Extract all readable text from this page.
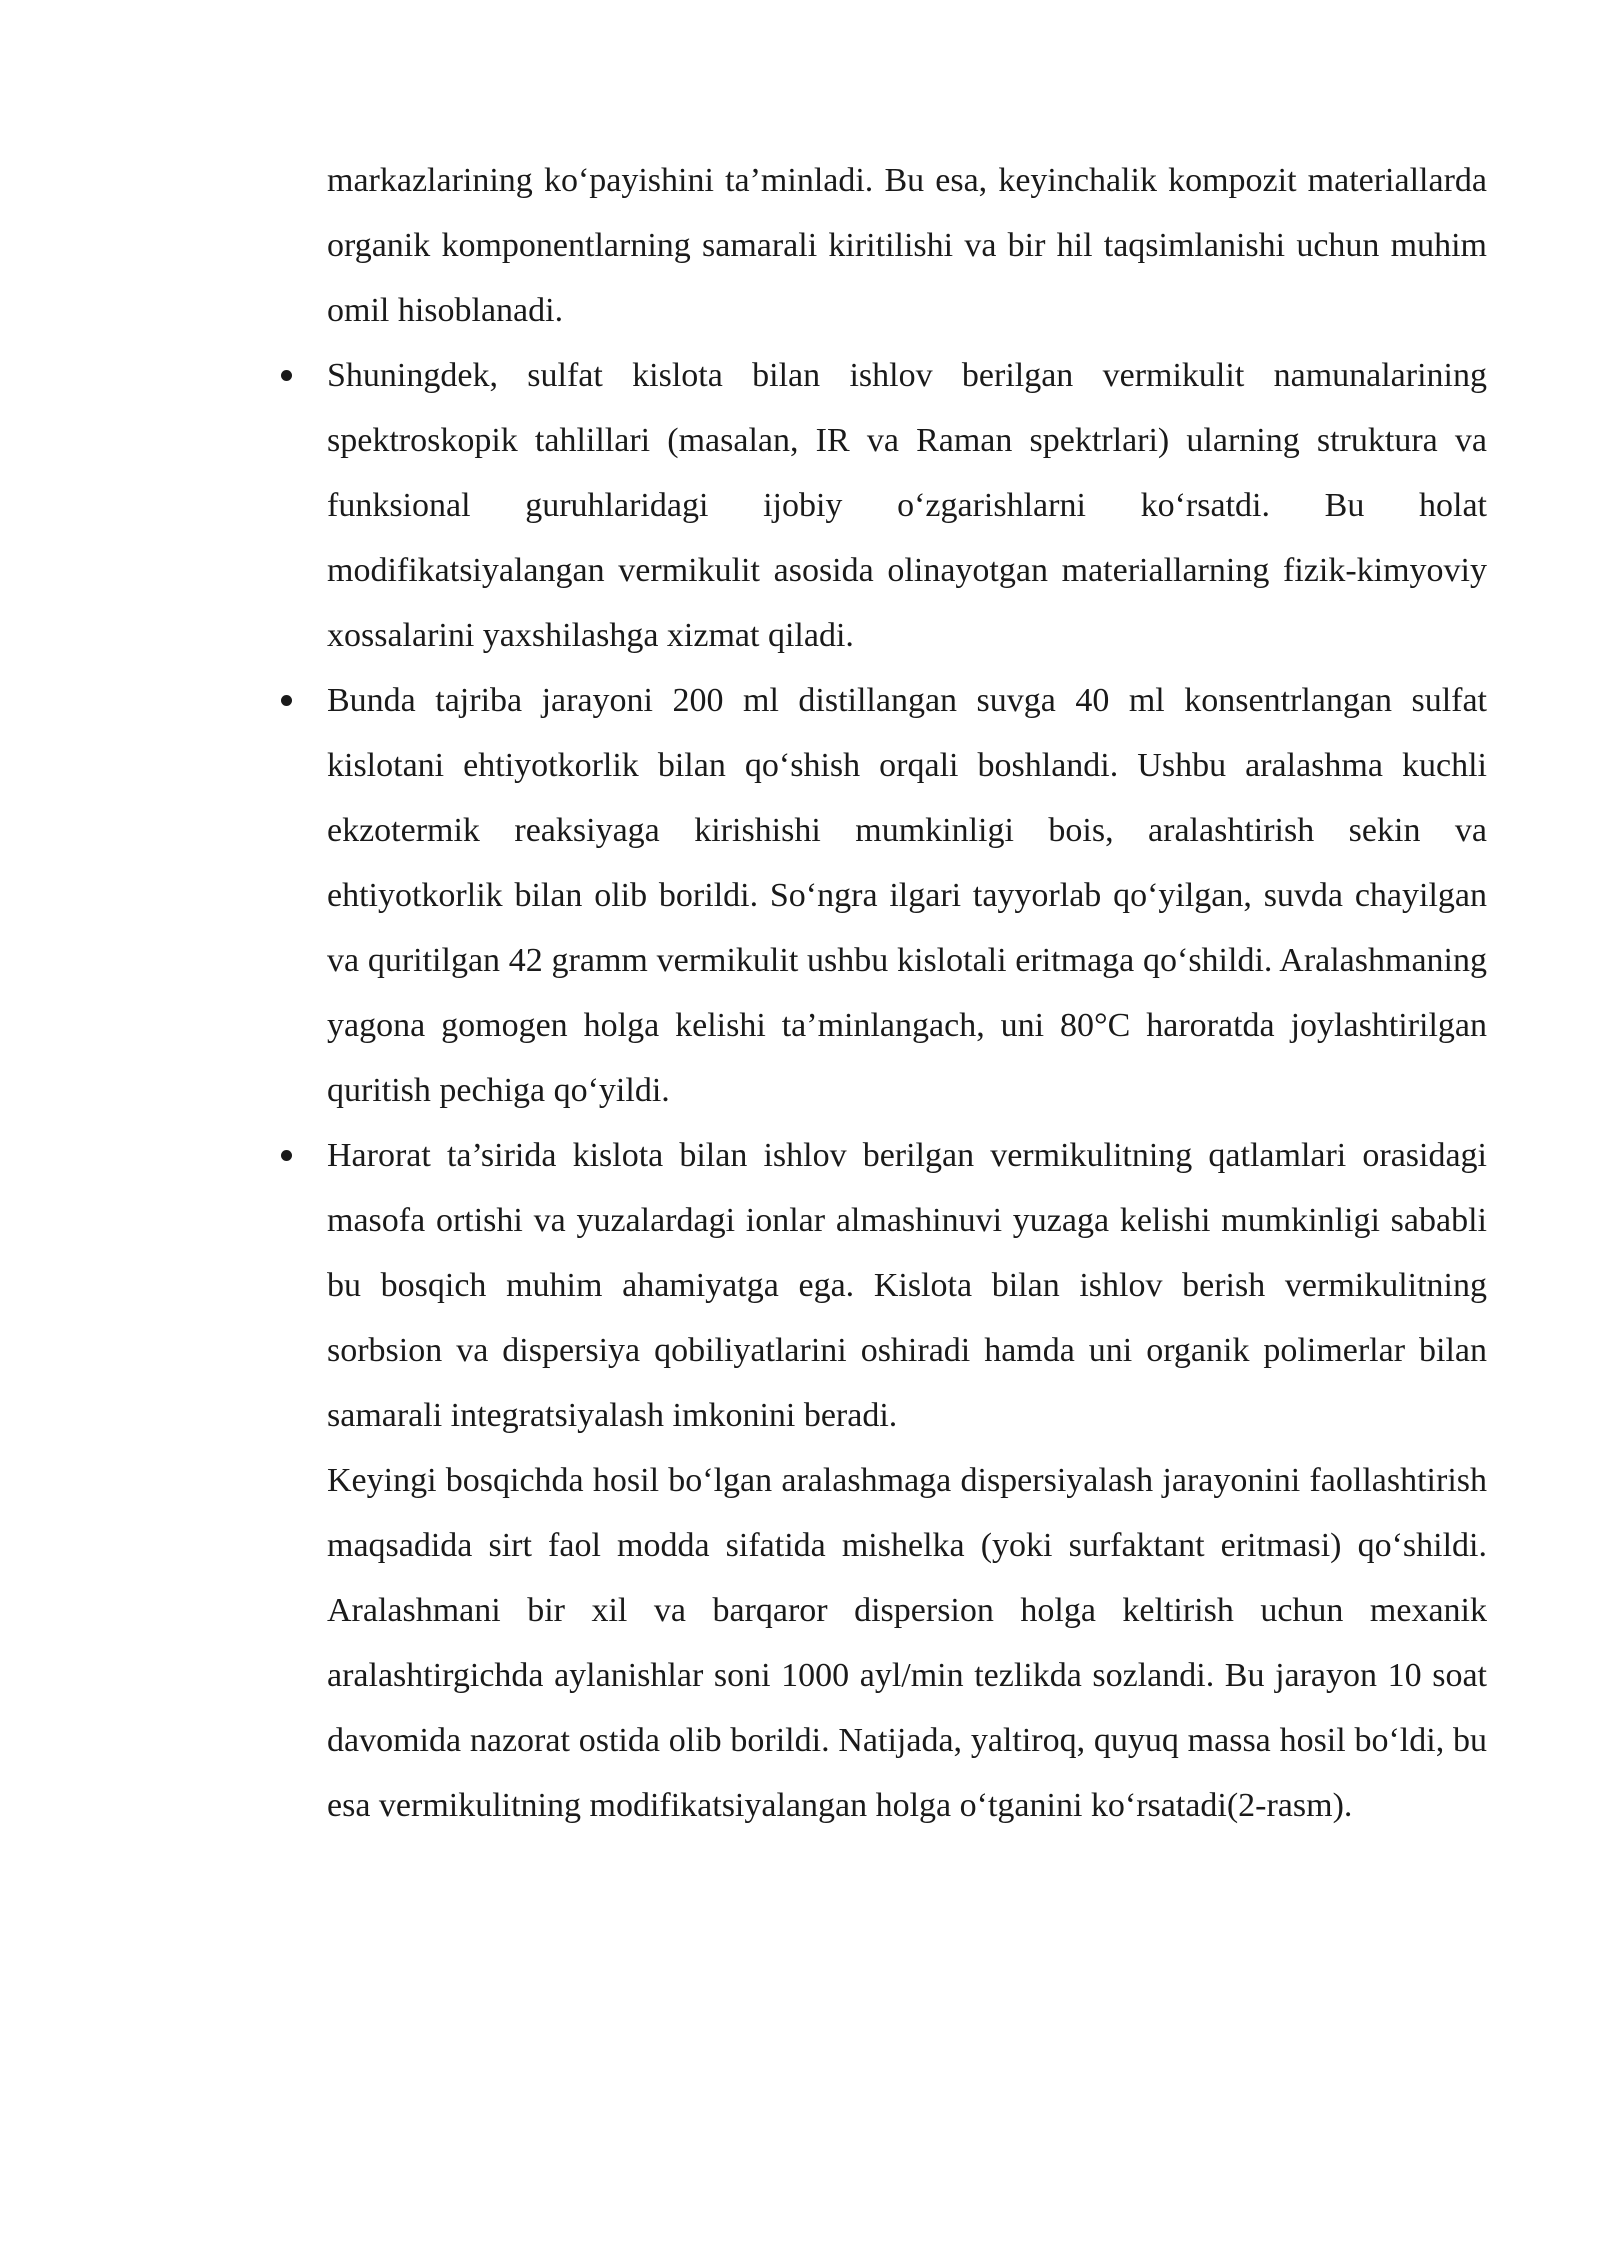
markazlarining ko‘payishini ta’minladi. Bu esa, keyinchalik kompozit materiallarda organik komponentlarning samarali kiritilishi va bir hil taqsimlanishi uchun muhim omil hisoblanadi.

Shuningdek, sulfat kislota bilan ishlov berilgan vermikulit namunalarining spektroskopik tahlillari (masalan, IR va Raman spektrlari) ularning struktura va funksional guruhlaridagi ijobiy o‘zgarishlarni ko‘rsatdi. Bu holat modifikatsiyalangan vermikulit asosida olinayotgan materiallarning fizik-kimyoviy xossalarini yaxshilashga xizmat qiladi.
Bunda tajriba jarayoni 200 ml distillangan suvga 40 ml konsentrlangan sulfat kislotani ehtiyotkorlik bilan qo‘shish orqali boshlandi. Ushbu aralashma kuchli ekzotermik reaksiyaga kirishishi mumkinligi bois, aralashtirish sekin va ehtiyotkorlik bilan olib borildi. So‘ngra ilgari tayyorlab qo‘yilgan, suvda chayilgan va quritilgan 42 gramm vermikulit ushbu kislotali eritmaga qo‘shildi. Aralashmaning yagona gomogen holga kelishi ta’minlangach, uni 80°C haroratda joylashtirilgan quritish pechiga qo‘yildi.
Harorat ta’sirida kislota bilan ishlov berilgan vermikulitning qatlamlari orasidagi masofa ortishi va yuzalardagi ionlar almashinuvi yuzaga kelishi mumkinligi sababli bu bosqich muhim ahamiyatga ega. Kislota bilan ishlov berish vermikulitning sorbsion va dispersiya qobiliyatlarini oshiradi hamda uni organik polimerlar bilan samarali integratsiyalash imkonini beradi.

Keyingi bosqichda hosil bo‘lgan aralashmaga dispersiyalash jarayonini faollashtirish maqsadida sirt faol modda sifatida mishelka (yoki surfaktant eritmasi) qo‘shildi. Aralashmani bir xil va barqaror dispersion holga keltirish uchun mexanik aralashtirgichda aylanishlar soni 1000 ayl/min tezlikda sozlandi. Bu jarayon 10 soat davomida nazorat ostida olib borildi. Natijada, yaltiroq, quyuq massa hosil bo‘ldi, bu esa vermikulitning modifikatsiyalangan holga o‘tganini ko‘rsatadi(2-rasm).
